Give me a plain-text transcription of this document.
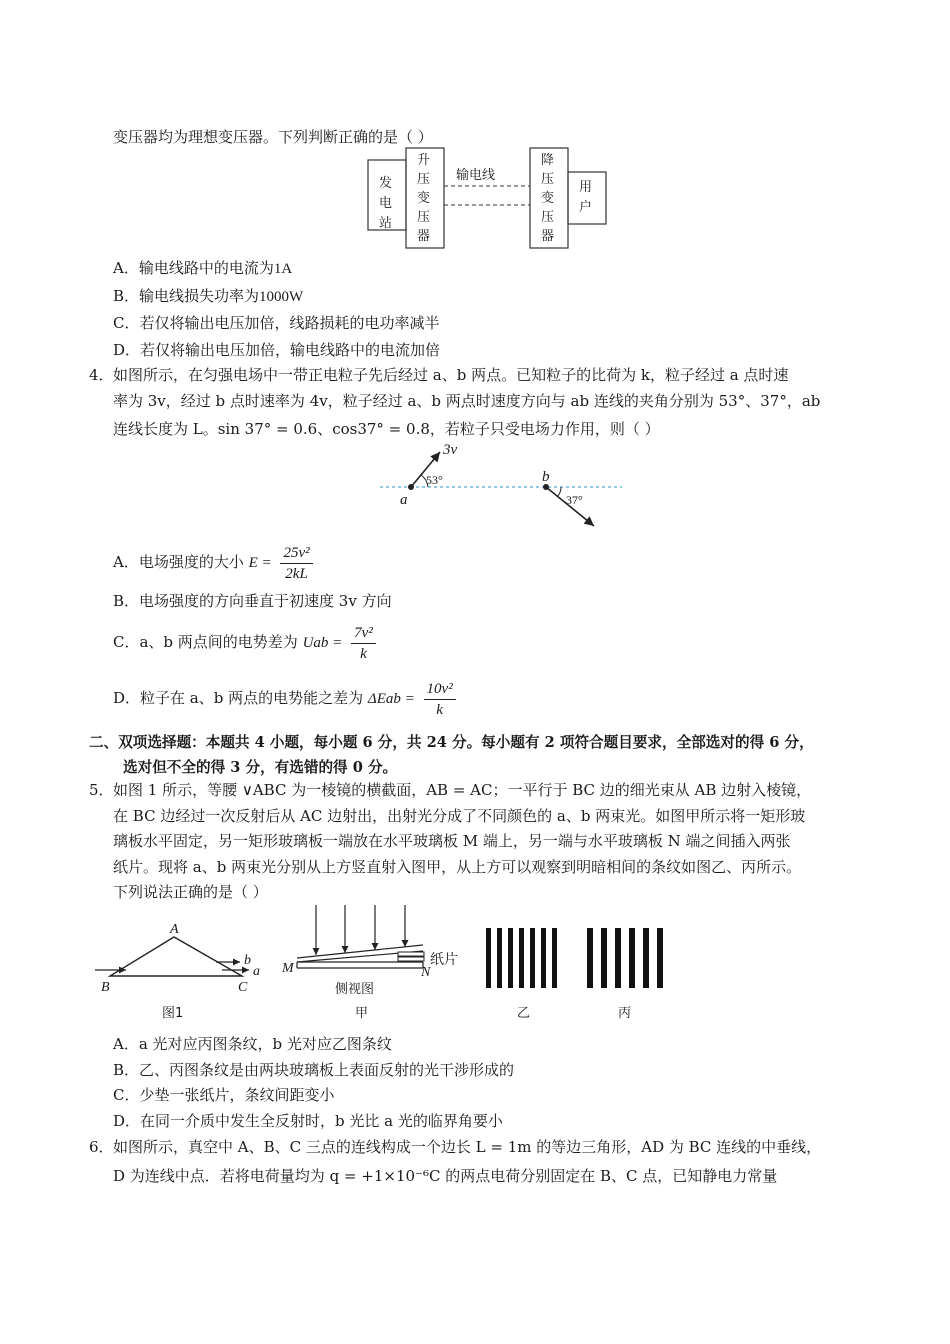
变压器均为理想变压器。下列判断正确的是（ ）
发
电
站
升
压
变
压
器
输电线
降
压
变
压
器
用
户
A．输电线路中的电流为1A
B．输电线损失功率为1000W
C．若仅将输出电压加倍，线路损耗的电功率减半
D．若仅将输出电压加倍，输电线路中的电流加倍
4． 如图所示，在匀强电场中一带正电粒子先后经过 a、b 两点。已知粒子的比荷为 k，粒子经过 a 点时速
率为 3v，经过 b 点时速率为 4v，粒子经过 a、b 两点时速度方向与 ab 连线的夹角分别为 53°、37°，ab
连线长度为 L。sin 37° = 0.6、cos37° = 0.8，若粒子只受电场力作用，则（ ）
3v
a
b
53°
37°
A．电场强度的大小 $E = \frac{\text{25v²}}{2kL}$
B．电场强度的方向垂直于初速度 3v 方向
C．a、b 两点间的电势差为 Uab = $\frac{\text{7v²}}{k}$
D．粒子在 a、b 两点的电势能之差为 $\Delta Eab = \frac{\text{10v²}}{k}$
二、双项选择题：本题共 4 小题，每小题 6 分，共 24 分。每小题有 2 项符合题目要求，全部选对的得 6 分，
选对但不全的得 3 分，有选错的得 0 分。
5． 如图 1 所示，等腰 ∨ABC 为一棱镜的横截面，AB = AC；一平行于 BC 边的细光束从 AB 边射入棱镜，
在 BC 边经过一次反射后从 AC 边射出，出射光分成了不同颜色的 a、b 两束光。如图甲所示将一矩形玻
璃板水平固定，另一矩形玻璃板一端放在水平玻璃板 M 端上，另一端与水平玻璃板 N 端之间插入两张
纸片。现将 a、b 两束光分别从上方竖直射入图甲，从上方可以观察到明暗相间的条纹如图乙、丙所示。
下列说法正确的是（ ）
A
B	C
b
a
图1
纸片
M	N
侧视图
甲	乙	丙
A．a 光对应丙图条纹，b 光对应乙图条纹
B．乙、丙图条纹是由两块玻璃板上表面反射的光干涉形成的
C．少垫一张纸片，条纹间距变小
D．在同一介质中发生全反射时，b 光比 a 光的临界角要小
6． 如图所示，真空中 A、B、C 三点的连线构成一个边长 L = 1m 的等边三角形，AD 为 BC 连线的中垂线，
D 为连线中点．若将电荷量均为 q = +1×10⁻⁶C 的两点电荷分别固定在 B、C 点，已知静电力常量
